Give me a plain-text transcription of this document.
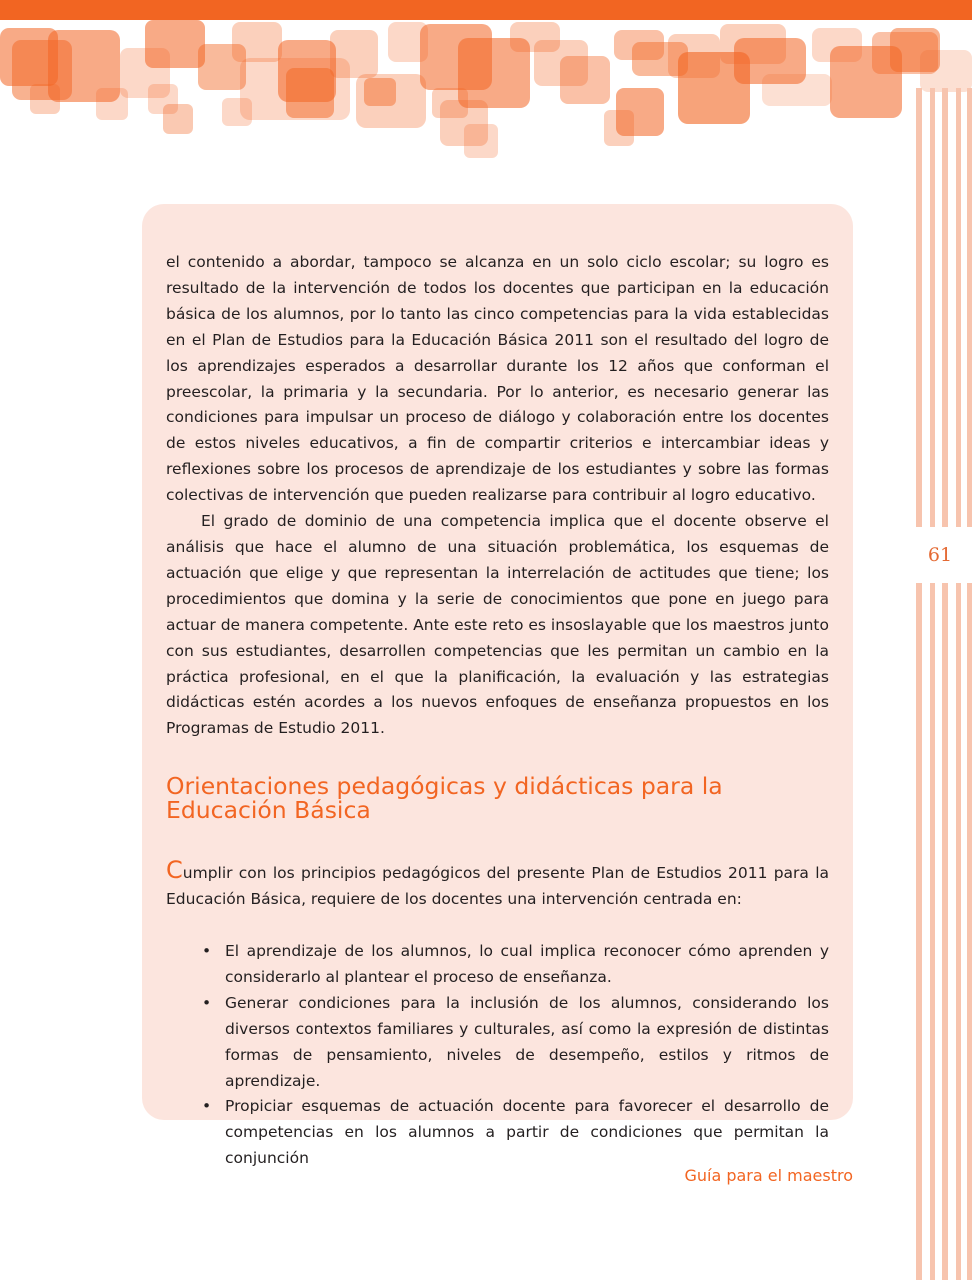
61

el contenido a abordar, tampoco se alcanza en un solo ciclo escolar; su logro es resultado de la intervención de todos los docentes que participan en la educación básica de los alumnos, por lo tanto las cinco competencias para la vida establecidas en el Plan de Estudios para la Educación Básica 2011 son el resultado del logro de los aprendizajes esperados a desarrollar durante los 12 años que conforman el preescolar, la primaria y la secundaria. Por lo anterior, es necesario generar las condiciones para impulsar un proceso de diálogo y colaboración entre los docentes de estos niveles educativos, a fin de compartir criterios e intercambiar ideas y reflexiones sobre los procesos de aprendizaje de los estudiantes y sobre las formas colectivas de intervención que pueden realizarse para contribuir al logro educativo.

El grado de dominio de una competencia implica que el docente observe el análisis que hace el alumno de una situación problemática, los esquemas de actuación que elige y que representan la interrelación de actitudes que tiene; los procedimientos que domina y la serie de conocimientos que pone en juego para actuar de manera competente. Ante este reto es insoslayable que los maestros junto con sus estudiantes, desarrollen competencias que les permitan un cambio en la práctica profesional, en el que la planificación, la evaluación y las estrategias didácticas estén acordes a los nuevos enfoques de enseñanza propuestos en los Programas de Estudio 2011.

Orientaciones pedagógicas y didácticas para la Educación Básica

Cumplir con los principios pedagógicos del presente Plan de Estudios 2011 para la Educación Básica, requiere de los docentes una intervención centrada en:

• El aprendizaje de los alumnos, lo cual implica reconocer cómo aprenden y considerarlo al plantear el proceso de enseñanza.
• Generar condiciones para la inclusión de los alumnos, considerando los diversos contextos familiares y culturales, así como la expresión de distintas formas de pensamiento, niveles de desempeño, estilos y ritmos de aprendizaje.
• Propiciar esquemas de actuación docente para favorecer el desarrollo de competencias en los alumnos a partir de condiciones que permitan la conjunción
Guía para el maestro
